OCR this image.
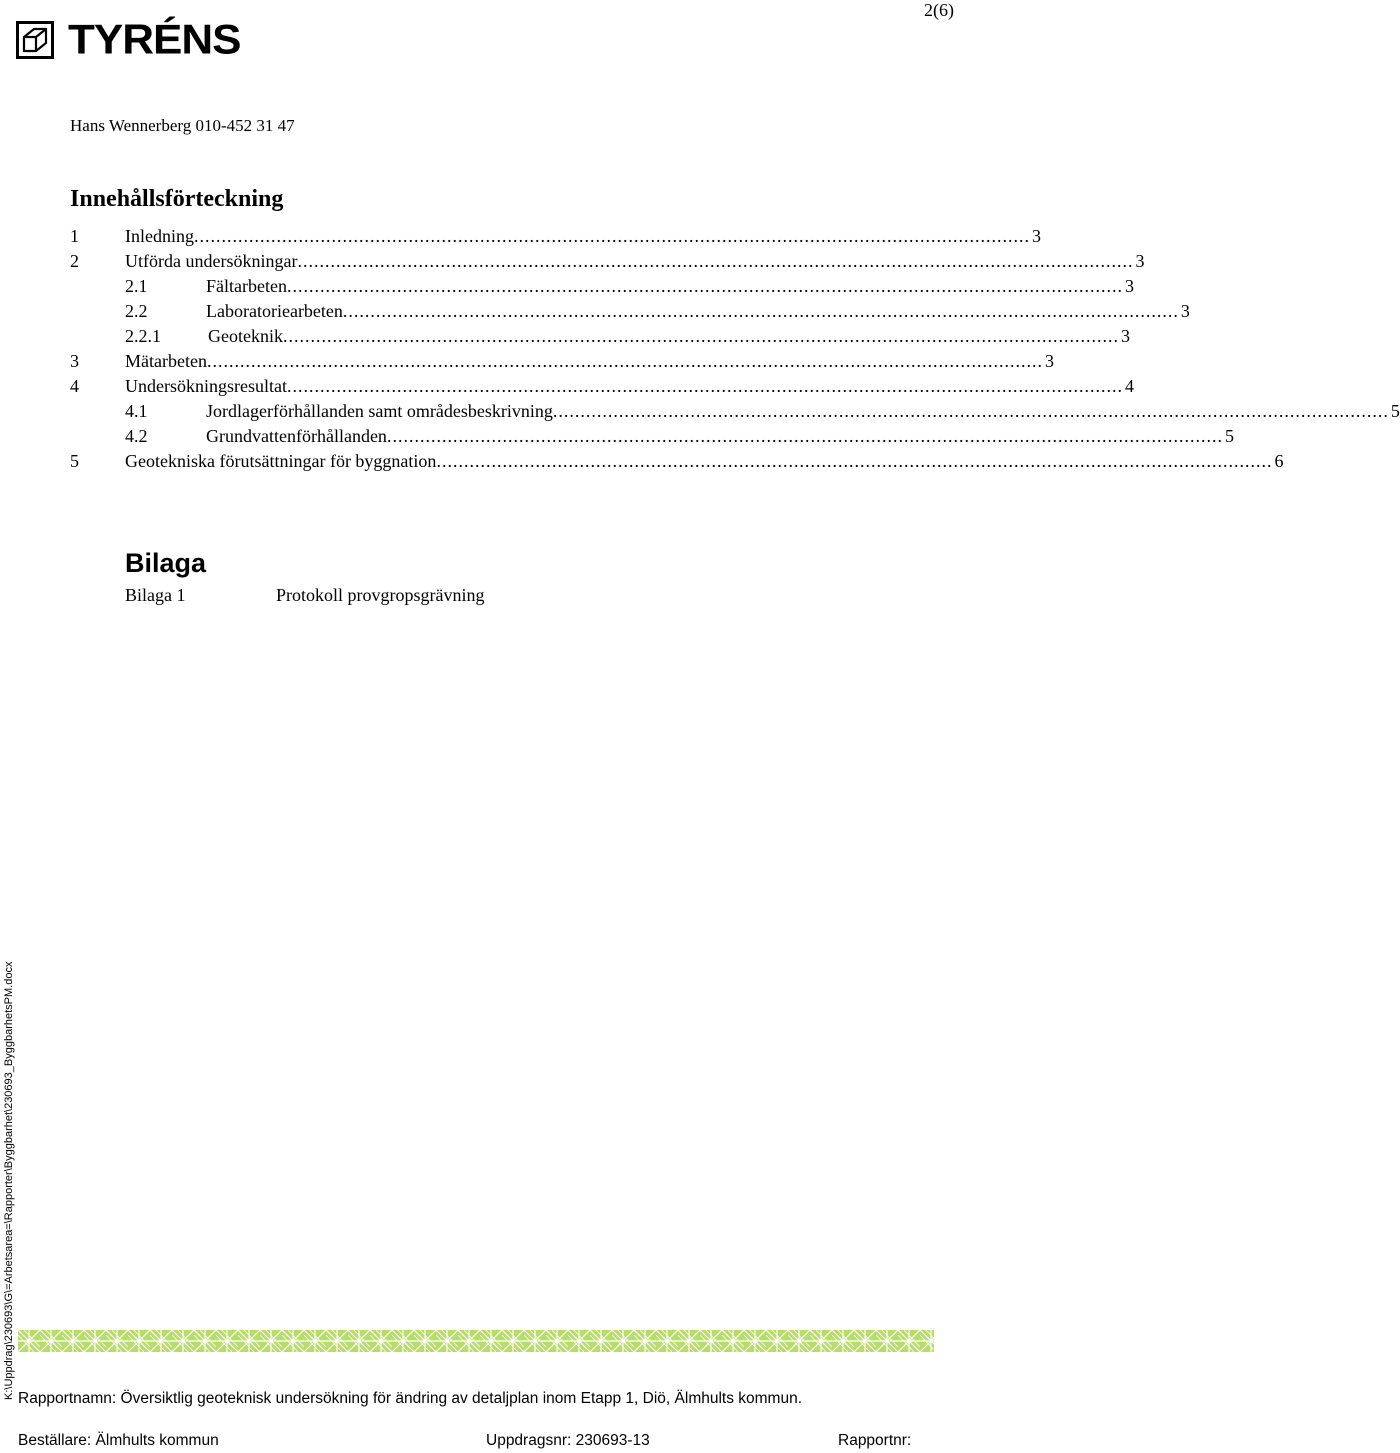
2(6)
TYRÉNS
Hans Wennerberg 010-452 31 47
Innehållsförteckning
1	Inledning ........................................................................................................................................................ 3
2	Utförda undersökningar ........................................................................................................................................................ 3
2.1	Fältarbeten ........................................................................................................................................................ 3
2.2	Laboratoriearbeten ........................................................................................................................................................ 3
2.2.1	Geoteknik ........................................................................................................................................................ 3
3	Mätarbeten ........................................................................................................................................................ 3
4	Undersökningsresultat ........................................................................................................................................................ 4
4.1	Jordlagerförhållanden samt områdesbeskrivning ........................................................................................................................................................ 5
4.2	Grundvattenförhållanden ........................................................................................................................................................ 5
5	Geotekniska förutsättningar för byggnation ........................................................................................................................................................ 6
Bilaga
Bilaga 1	Protokoll provgropsgrävning
K:\Uppdrag\230693\G\=Arbetsarea=\Rapporter\Byggbarhet\230693_ByggbarhetsPM.docx Rapportnamn: Översiktlig geoteknisk undersökning för ändring av detaljplan inom Etapp 1, Diö, Älmhults kommun.
Beställare: Älmhults kommun	Uppdragsnr: 230693-13	Rapportnr:
